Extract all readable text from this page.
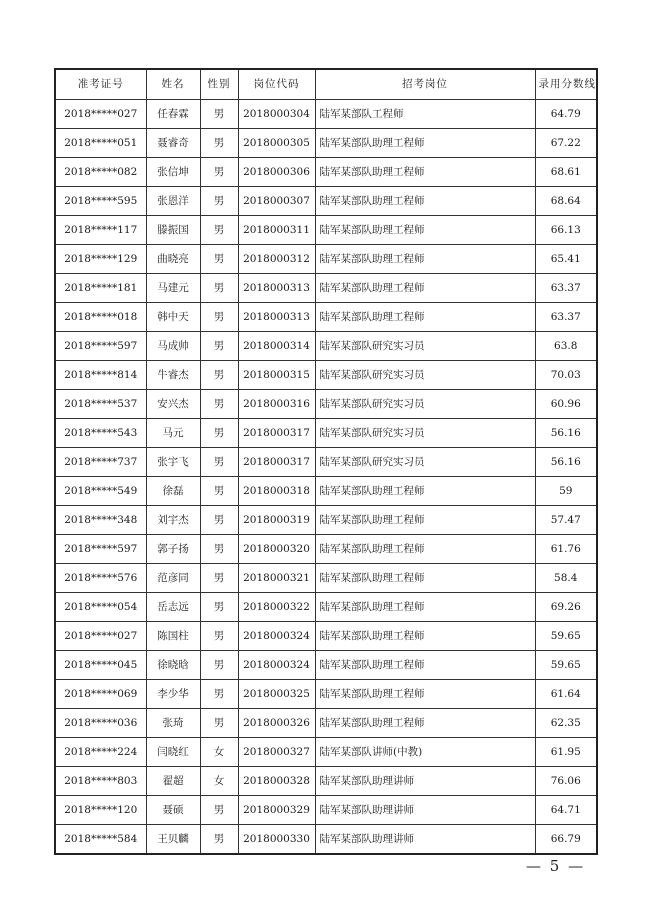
准考证号	姓名	性别	岗位代码	招考岗位	录用分数线
2018*****027	任春霖	男	2018000304	陆军某部队工程师	64.79
2018*****051	聂睿奇	男	2018000305	陆军某部队助理工程师	67.22
2018*****082	张信坤	男	2018000306	陆军某部队助理工程师	68.61
2018*****595	张恩洋	男	2018000307	陆军某部队助理工程师	68.64
2018*****117	滕振国	男	2018000311	陆军某部队助理工程师	66.13
2018*****129	曲晓亮	男	2018000312	陆军某部队助理工程师	65.41
2018*****181	马建元	男	2018000313	陆军某部队助理工程师	63.37
2018*****018	韩中天	男	2018000313	陆军某部队助理工程师	63.37
2018*****597	马成帅	男	2018000314	陆军某部队研究实习员	63.8
2018*****814	牛睿杰	男	2018000315	陆军某部队研究实习员	70.03
2018*****537	安兴杰	男	2018000316	陆军某部队研究实习员	60.96
2018*****543	马元	男	2018000317	陆军某部队研究实习员	56.16
2018*****737	张宇飞	男	2018000317	陆军某部队研究实习员	56.16
2018*****549	徐磊	男	2018000318	陆军某部队助理工程师	59
2018*****348	刘宇杰	男	2018000319	陆军某部队助理工程师	57.47
2018*****597	郭子扬	男	2018000320	陆军某部队助理工程师	61.76
2018*****576	范彦同	男	2018000321	陆军某部队助理工程师	58.4
2018*****054	岳志远	男	2018000322	陆军某部队助理工程师	69.26
2018*****027	陈国柱	男	2018000324	陆军某部队助理工程师	59.65
2018*****045	徐晓晗	男	2018000324	陆军某部队助理工程师	59.65
2018*****069	李少华	男	2018000325	陆军某部队助理工程师	61.64
2018*****036	张琦	男	2018000326	陆军某部队助理工程师	62.35
2018*****224	闫晓红	女	2018000327	陆军某部队讲师(中教)	61.95
2018*****803	翟超	女	2018000328	陆军某部队助理讲师	76.06
2018*****120	聂硕	男	2018000329	陆军某部队助理讲师	64.71
2018*****584	王贝麟	男	2018000330	陆军某部队助理讲师	66.79
— 5 —
